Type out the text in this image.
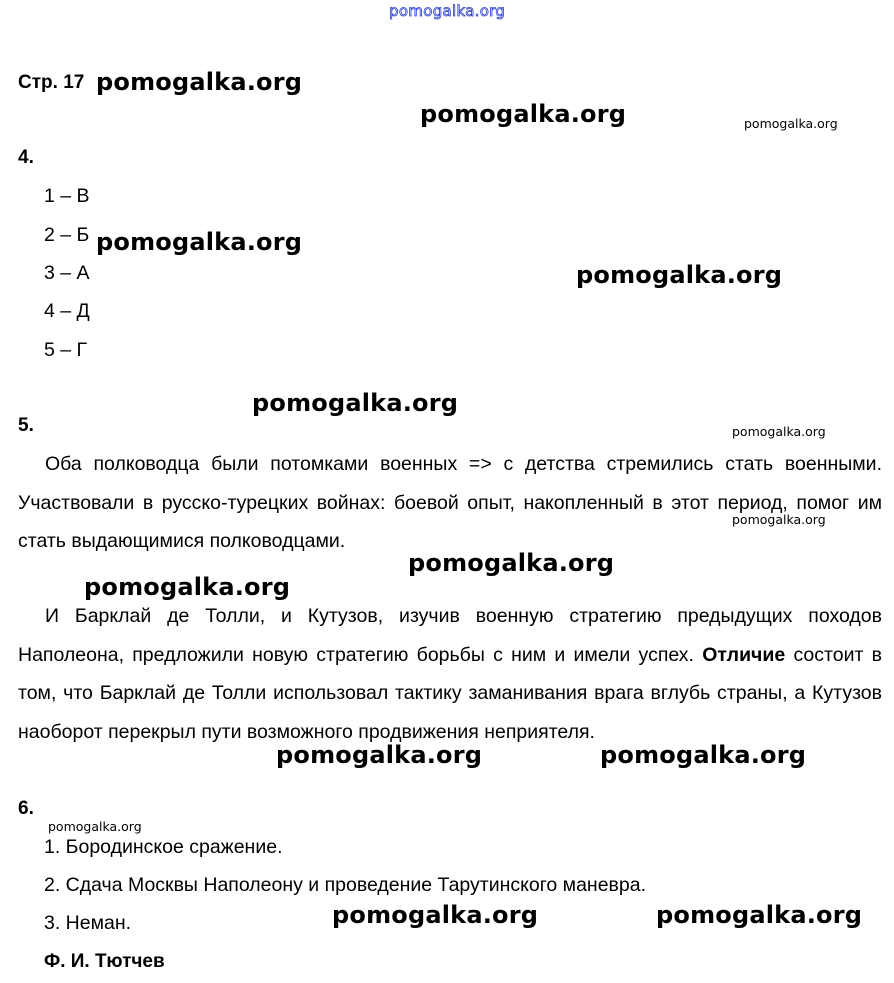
pomogalka.org
Стр. 17
4.
1 – В
2 – Б
3 – А
4 – Д
5 – Г
5.
Оба полководца были потомками военных => с детства стремились стать военными. Участвовали в русско-турецких войнах: боевой опыт, накопленный в этот период, помог им стать выдающимися полководцами.
И Барклай де Толли, и Кутузов, изучив военную стратегию предыдущих походов Наполеона, предложили новую стратегию борьбы с ним и имели успех. Отличие состоит в том, что Барклай де Толли использовал тактику заманивания врага вглубь страны, а Кутузов наоборот перекрыл пути возможного продвижения неприятеля.
6.
1. Бородинское сражение.
2. Сдача Москвы Наполеону и проведение Тарутинского маневра.
3. Неман.
Ф. И. Тютчев
pomogalka.org
pomogalka.org	pomogalka.org
pomogalka.org
pomogalka.org
pomogalka.org
pomogalka.org
pomogalka.org
pomogalka.org
pomogalka.org
pomogalka.org	pomogalka.org
pomogalka.org
pomogalka.org	pomogalka.org
